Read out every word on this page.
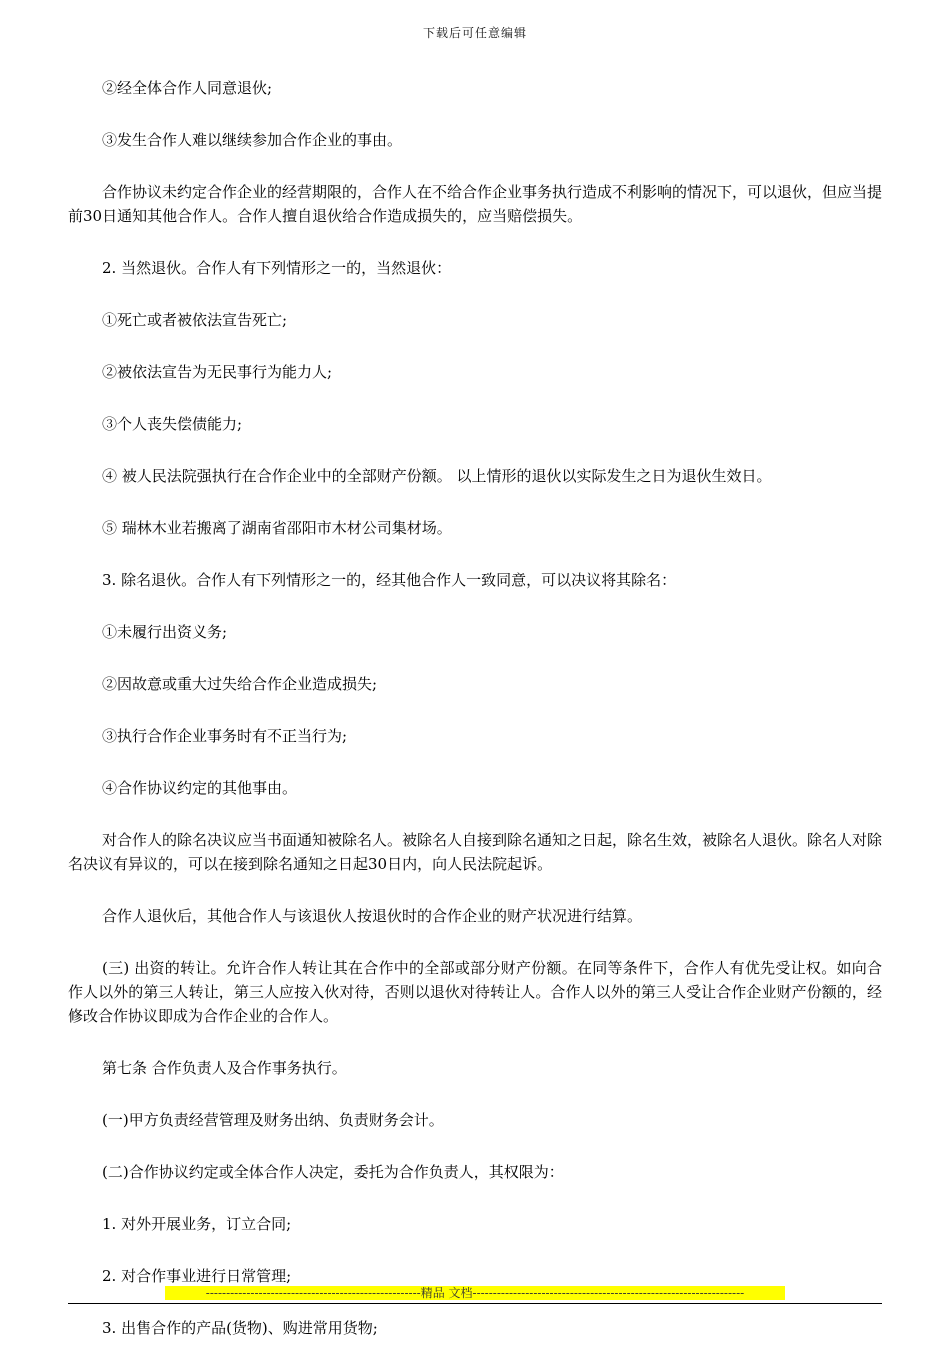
下载后可任意编辑

②经全体合作人同意退伙;

③发生合作人难以继续参加合作企业的事由。

合作协议未约定合作企业的经营期限的，合作人在不给合作企业事务执行造成不利影响的情况下，可以退伙，但应当提前30日通知其他合作人。合作人擅自退伙给合作造成损失的，应当赔偿损失。

2. 当然退伙。合作人有下列情形之一的，当然退伙：

①死亡或者被依法宣告死亡;

②被依法宣告为无民事行为能力人;

③个人丧失偿债能力;

④ 被人民法院强执行在合作企业中的全部财产份额。 以上情形的退伙以实际发生之日为退伙生效日。

⑤ 瑞林木业若搬离了湖南省邵阳市木材公司集材场。

3. 除名退伙。合作人有下列情形之一的，经其他合作人一致同意，可以决议将其除名：

①未履行出资义务;

②因故意或重大过失给合作企业造成损失;

③执行合作企业事务时有不正当行为;

④合作协议约定的其他事由。

对合作人的除名决议应当书面通知被除名人。被除名人自接到除名通知之日起，除名生效，被除名人退伙。除名人对除名决议有异议的，可以在接到除名通知之日起30日内，向人民法院起诉。

合作人退伙后，其他合作人与该退伙人按退伙时的合作企业的财产状况进行结算。

(三) 出资的转让。允许合作人转让其在合作中的全部或部分财产份额。在同等条件下，合作人有优先受让权。如向合作人以外的第三人转让，第三人应按入伙对待，否则以退伙对待转让人。合作人以外的第三人受让合作企业财产份额的，经修改合作协议即成为合作企业的合作人。

第七条 合作负责人及合作事务执行。

(一)甲方负责经营管理及财务出纳、负责财务会计。

(二)合作协议约定或全体合作人决定，委托为合作负责人，其权限为：

1. 对外开展业务，订立合同;

2. 对合作事业进行日常管理;

3. 出售合作的产品(货物)、购进常用货物;

-----------------------------------------------------精品 文档-------------------------------------------------------------------
